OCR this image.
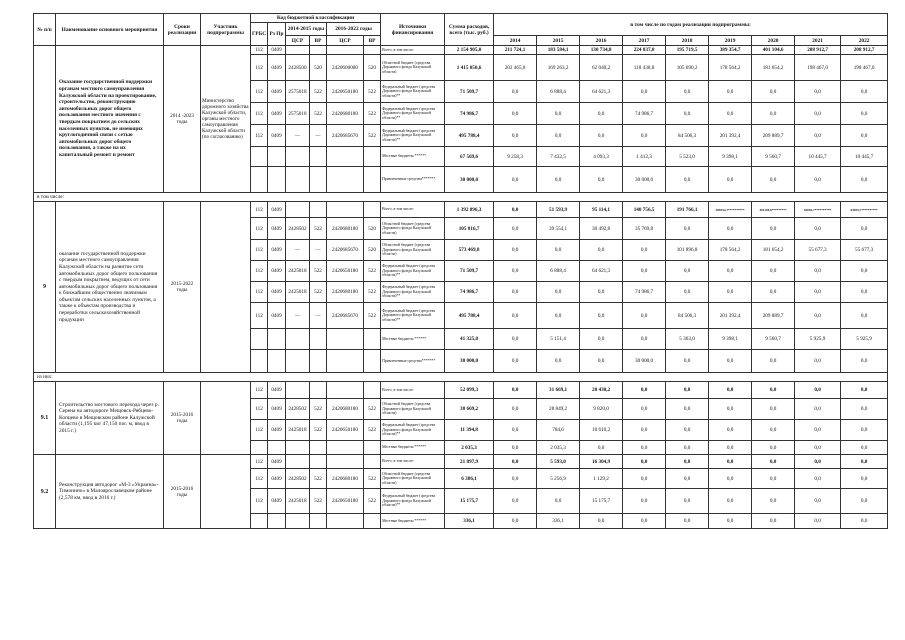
№ п/п	Наименование основного мероприятия	Сроки реализации	Участник подпрограммы	Код бюджетной классификации						Источники финансирования	Сумма расходов, всего (тыс. руб.)	в том числе по годам реализации подпрограммы:								
				ГРБС	Рз Пр	2014-2015 годы		2016-2022 годы												
						ЦСР	ВР	ЦСР	ВР			2014	2015	2016	2017	2018	2019	2020	2021	2022
	Оказание государственной поддержки органам местного самоуправления Калужской области на проектирование, строительство, реконструкцию автомобильных дорог общего пользования местного значения с твердым покрытием до сельских населенных пунктов, не имеющих круглогодичной связи с сетью автомобильных дорог общего пользования, а также на их капитальный ремонт и ремонт	2014 -2023 годы	Министерство дорожного хозяйства Калужской области, органы местного самоуправления Калужской области (по согласованию)	112	0409					Всего, в том числе:	2 154 905,0	211 724,1	183 584,1	130 734,8	224 837,8	195 719,5	389 354,7	401 104,6	208 912,7	208 912,7
				112	0409	2428500	520	2420600000	520	Областной бюджет (средства Дорожного фонда Калужской области)	1 415 050,6	202 465,8	169 263,2	62 040,2	118 438,8	105 690,2	178 564,2	181 654,2	198 467,0	198 467,0
				112	0409	2575018	522	2420650180	522	Федеральный бюджет (средства Дорожного фонда Калужской области)**	71 509,7	0,0	6 888,4	64 621,3	0,0	0,0	0,0	0,0	0,0	0,0
				112	0409	2575018	522	2420680180	522	Федеральный бюджет (средства Дорожного фонда Калужской области)**	74 986,7	0,0	0,0	0,0	74 986,7	0,0	0,0	0,0	0,0	0,0
				112	0409	—	—	2420685670	522	Федеральный бюджет (средства Дорожного фонда Калужской области)**	495 788,4	0,0	0,0	0,0	0,0	84 506,3	201 392,4	209 889,7	0,0	0,0
										Местные бюджеты ******	67 569,6	9 258,3	7 432,5	4 093,3	1 412,3	5 523,0	9 398,1	9 560,7	10 445,7	10 445,7
										Привлеченные средства*******	30 000,0	0,0	0,0	0,0	30 000,0	0,0	0,0	0,0	0,0	0,0
в том числе:																				
9	оказание государственной поддержки органам местного самоуправления Калужской области на развитие сети автомобильных дорог общего пользования с твердым покрытием, ведущих от сети автомобильных дорог общего пользования к ближайшим общественно значимым объектам сельских населенных пунктов, а также к объектам производства и переработки сельскохозяйственной продукции	2015-2022 годы		112	0409					Всего, в том числе:	1 392 896,3	0,0	51 593,9	95 114,1	140 756,5	191 766,1	389354,7**********	401104,6*********	63055,7**********	63055,7**********
				112	0409	2428502	522	2420680180	520	Областной бюджет (средства Дорожного фонда Калужской области)	105 816,7	0,0	39 554,1	30 492,8	35 769,8	0,0	0,0	0,0	0,0	0,0
				112	0409	—	—	2420685670	520	Областной бюджет (средства Дорожного фонда Калужской области)	573 469,8	0,0	0,0	0,0	0,0	101 896,8	178 564,2	181 654,2	55 677,3	55 677,3
				112	0409	2425018	522	2420650180	522	Федеральный бюджет (средства Дорожного фонда Калужской области)**	71 509,7	0,0	6 888,4	64 621,3	0,0	0,0	0,0	0,0	0,0	0,0
				112	0409	2425018	522	2420680180	522	Федеральный бюджет (средства Дорожного фонда Калужской области)**	74 986,7	0,0	0,0	0,0	74 986,7	0,0	0,0	0,0	0,0	0,0
				112	0409	—	—	2420685670	522	Федеральный бюджет (средства Дорожного фонда Калужской области)**	495 788,4	0,0	0,0	0,0	0,0	84 506,3	201 392,4	209 889,7	0,0	0,0
										Местные бюджеты ******	41 325,0	0,0	5 151,4	0,0	0,0	5 363,0	9 398,1	9 560,7	5 925,9	5 925,9
										Привлеченные средства*******	30 000,0	0,0	0,0	0,0	30 000,0	0,0	0,0	0,0	0,0	0,0
из них:																				
9.1	Строительство мостового перехода через р. Серена на автодороге Мещовск-Рябцево-Копцево в Мещовском районе Калужской области (1,195 км/ 47,150 пог. м, ввод в 2015 г.)	2015-2016 годы		112	0409					Всего, в том числе:	52 099,3	0,0	31 669,1	20 430,2	0,0	0,0	0,0	0,0	0,0	0,0
				112	0409	2428502	522	2420680180	522	Областной бюджет (средства Дорожного фонда Калужской области)	38 669,2	0,0	28 849,2	9 820,0	0,0	0,0	0,0	0,0	0,0	0,0
				112	0409	2425018	522	2420650180	522	Федеральный бюджет (средства Дорожного фонда Калужской области)**	11 394,8	0,0	784,6	10 610,2	0,0	0,0	0,0	0,0	0,0	0,0
										Местные бюджеты ******	2 035,3	0,0	2 035,3	0,0	0,0	0,0	0,0	0,0	0,0	0,0
9.2	Реконструкция автодорог «М-3 «Украина»-Тимонино» в Малоярославецком районе (2,578 км, ввод в 2016 г.)	2015-2016 годы		112	0409					Всего, в том числе:	21 897,9	0,0	5 593,0	16 304,9	0,0	0,0	0,0	0,0	0,0	0,0
				112	0409	2428502	522	2420680180	522	Областной бюджет (средства Дорожного фонда Калужской области)	6 386,1	0,0	5 256,9	1 129,2	0,0	0,0	0,0	0,0	0,0	0,0
				112	0409	2425018	522	2420650180	522	Федеральный бюджет (средства Дорожного фонда Калужской области)**	15 175,7	0,0	0,0	15 175,7	0,0	0,0	0,0	0,0	0,0	0,0
										Местные бюджеты ******	336,1	0,0	336,1	0,0	0,0	0,0	0,0	0,0	0,0	0,0
